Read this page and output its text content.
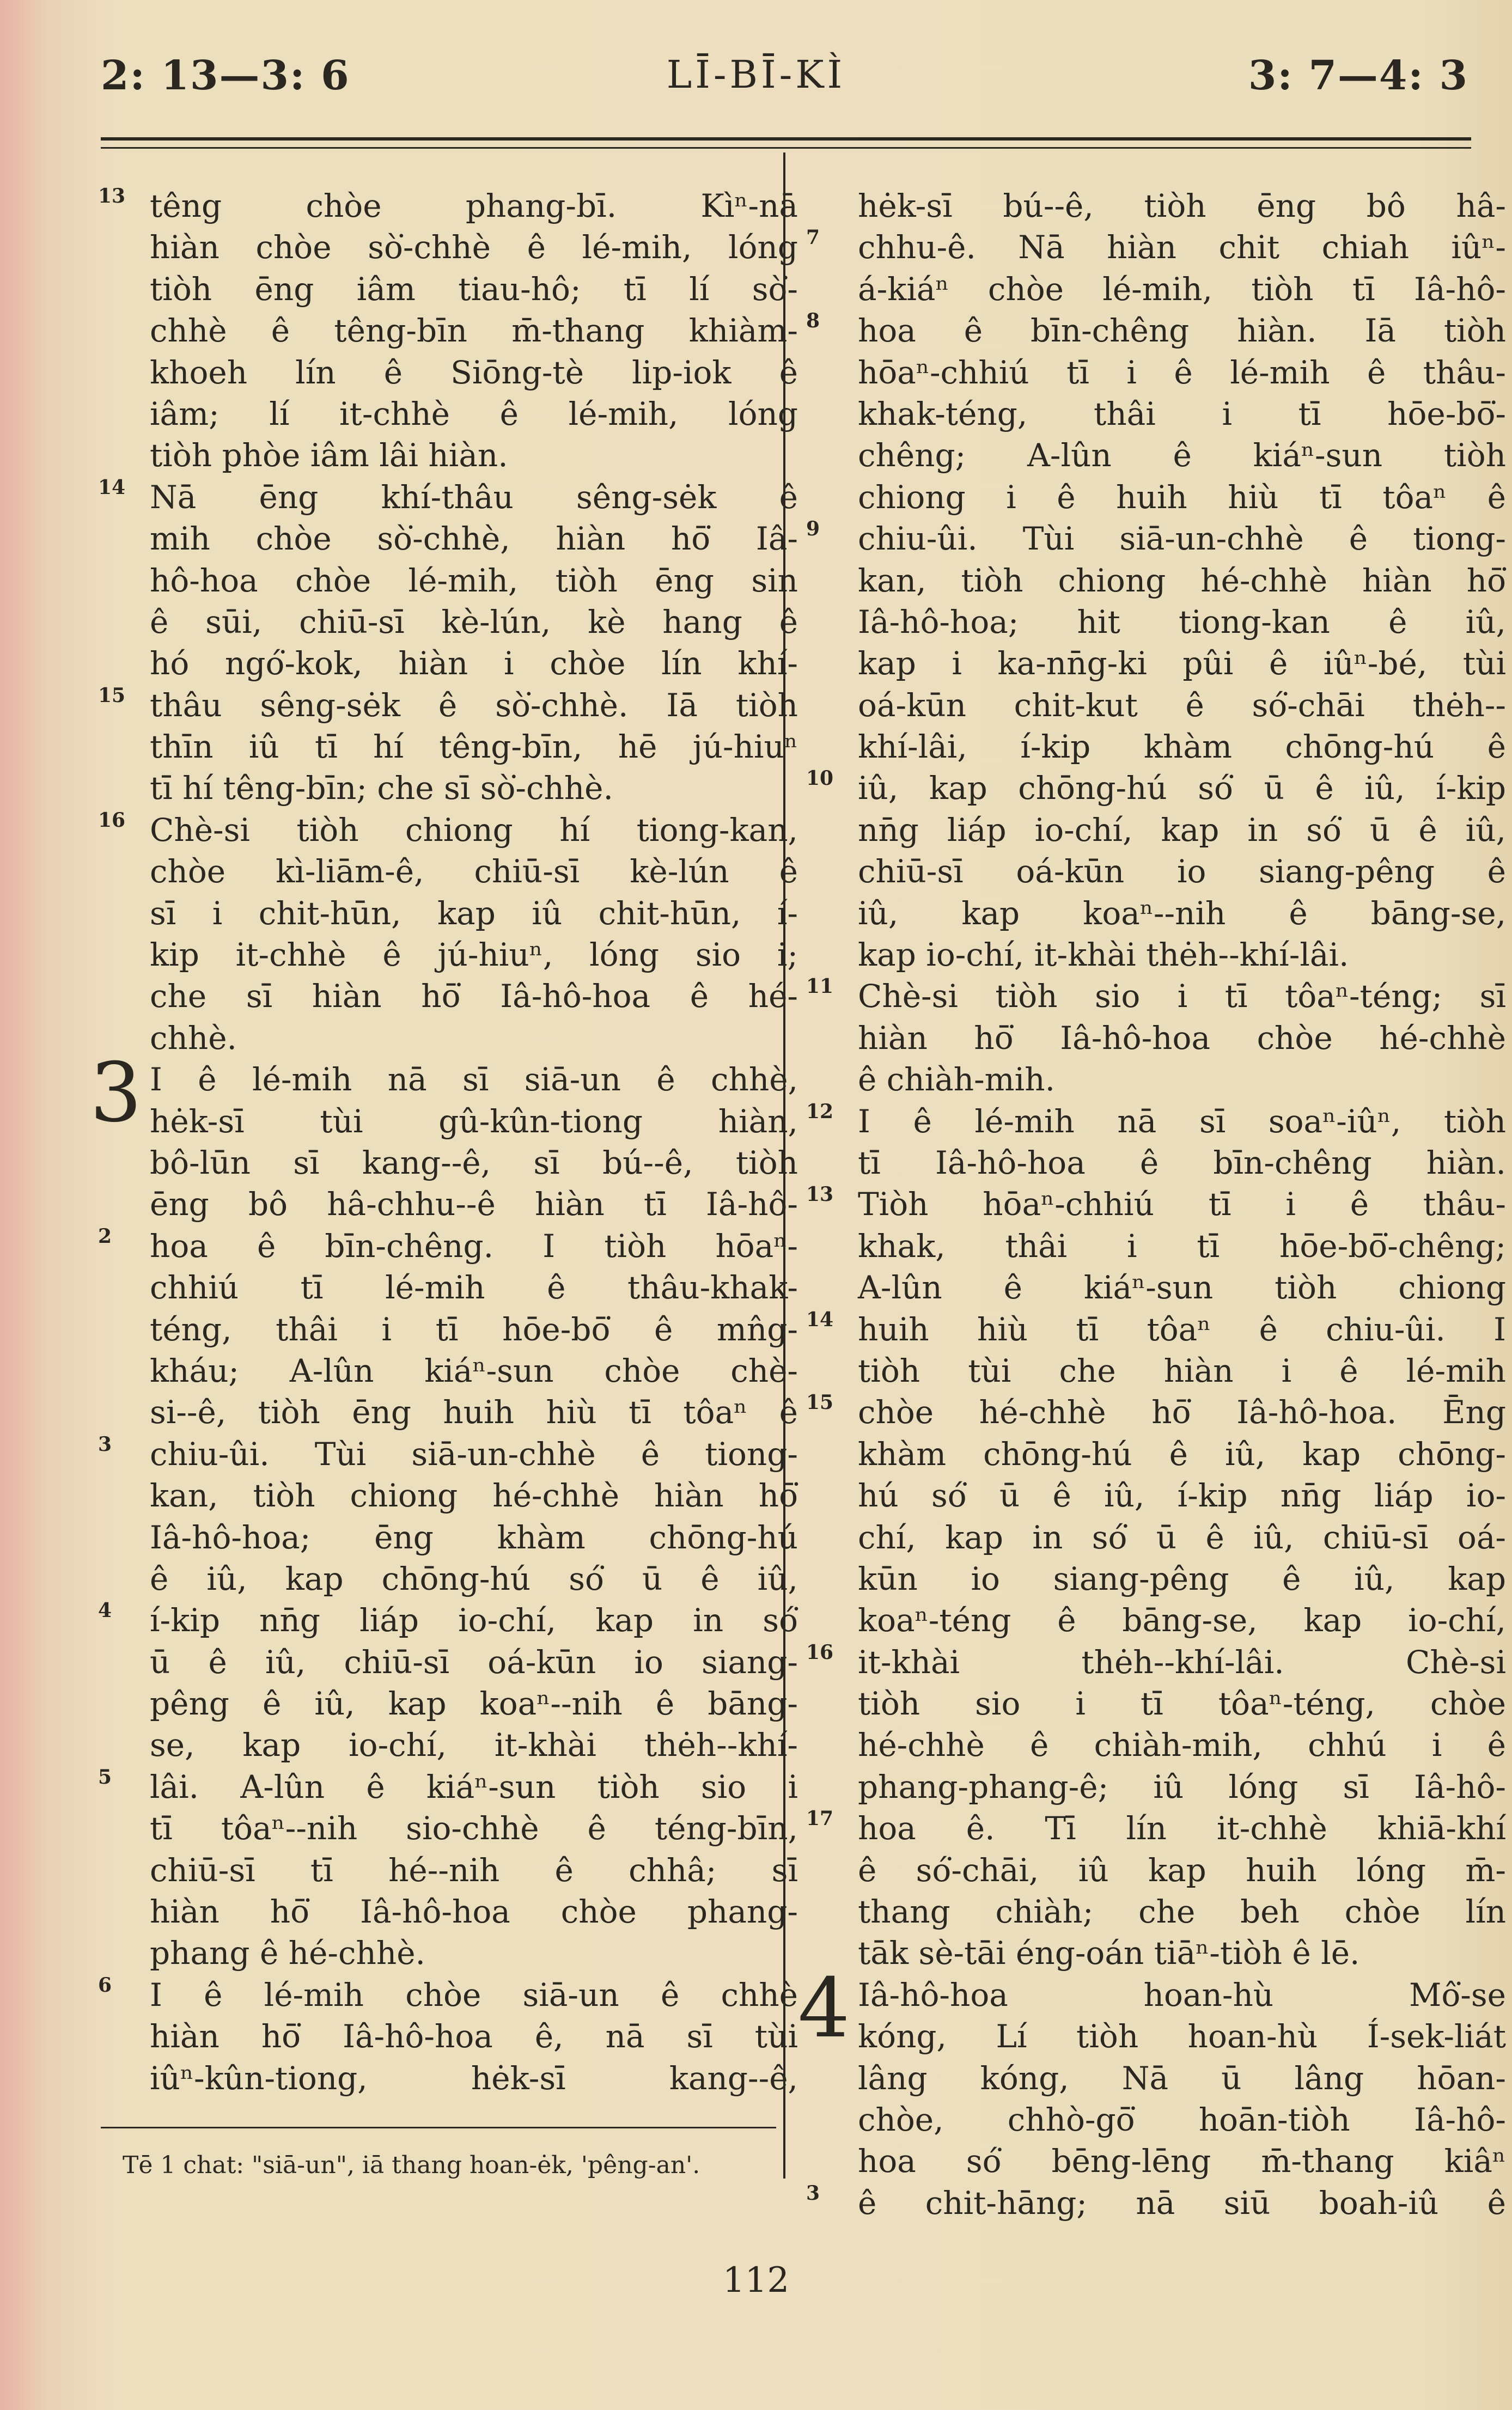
2: 13—3: 6	LĪ-BĪ-KÌ	3: 7—4: 3
13 têng chòe phang-bī. Kìⁿ-nā
hiàn chòe sò͘-chhè ê lé-mih, lóng
tiòh ēng iâm tiau-hô; tī lí sò͘-
chhè ê têng-bīn m̄-thang khiàm-
khoeh lín ê Siōng-tè lip-iok ê
iâm; lí it-chhè ê lé-mih, lóng
tiòh phòe iâm lâi hiàn.
14 Nā ēng khí-thâu sêng-sėk ê
mih chòe sò͘-chhè, hiàn hō͘ Iâ-
hô-hoa chòe lé-mih, tiòh ēng sin
ê sūi, chiū-sī kè-lún, kè hang ê
hó ngó͘-kok, hiàn i chòe lín khí-
15 thâu sêng-sėk ê sò͘-chhè. Iā tiòh
thīn iû tī hí têng-bīn, hē jú-hiuⁿ
tī hí têng-bīn; che sī sò͘-chhè.
16 Chè-si tiòh chiong hí tiong-kan,
chòe kì-liām-ê, chiū-sī kè-lún ê
sī i chit-hūn, kap iû chit-hūn, í-
kip it-chhè ê jú-hiuⁿ, lóng sio i;
che sī hiàn hō͘ Iâ-hô-hoa ê hé-
chhè.
3 I ê lé-mih nā sī siā-un ê chhè,
hėk-sī tùi gû-kûn-tiong hiàn,
bô-lūn sī kang--ê, sī bú--ê, tiòh
ēng bô hâ-chhu--ê hiàn tī Iâ-hô-
2 hoa ê bīn-chêng. I tiòh hōaⁿ-
chhiú tī lé-mih ê thâu-khak-
téng, thâi i tī hōe-bō͘ ê mn̂g-
kháu; A-lûn kiáⁿ-sun chòe chè-
si--ê, tiòh ēng huih hiù tī tôaⁿ ê
3 chiu-ûi. Tùi siā-un-chhè ê tiong-
kan, tiòh chiong hé-chhè hiàn hō͘
Iâ-hô-hoa; ēng khàm chōng-hú
ê iû, kap chōng-hú só͘ ū ê iû,
4 í-kip nn̄g liáp io-chí, kap in só͘
ū ê iû, chiū-sī oá-kūn io siang-
pêng ê iû, kap koaⁿ--nih ê bāng-
se, kap io-chí, it-khài thėh--khí-
5 lâi. A-lûn ê kiáⁿ-sun tiòh sio i
tī tôaⁿ--nih sio-chhè ê téng-bīn,
chiū-sī tī hé--nih ê chhâ; sī
hiàn hō͘ Iâ-hô-hoa chòe phang-
phang ê hé-chhè.
6 I ê lé-mih chòe siā-un ê chhè
hiàn hō͘ Iâ-hô-hoa ê, nā sī tùi
iûⁿ-kûn-tiong, hėk-sī kang--ê,
hėk-sī bú--ê, tiòh ēng bô hâ-
7 chhu-ê. Nā hiàn chit chiah iûⁿ-
á-kiáⁿ chòe lé-mih, tiòh tī Iâ-hô-
8 hoa ê bīn-chêng hiàn. Iā tiòh
hōaⁿ-chhiú tī i ê lé-mih ê thâu-
khak-téng, thâi i tī hōe-bō͘-
chêng; A-lûn ê kiáⁿ-sun tiòh
chiong i ê huih hiù tī tôaⁿ ê
9 chiu-ûi. Tùi siā-un-chhè ê tiong-
kan, tiòh chiong hé-chhè hiàn hō͘
Iâ-hô-hoa; hit tiong-kan ê iû,
kap i ka-nn̄g-ki pûi ê iûⁿ-bé, tùi
oá-kūn chit-kut ê só͘-chāi thėh--
khí-lâi, í-kip khàm chōng-hú ê
10 iû, kap chōng-hú só͘ ū ê iû, í-kip
nn̄g liáp io-chí, kap in só͘ ū ê iû,
chiū-sī oá-kūn io siang-pêng ê
iû, kap koaⁿ--nih ê bāng-se,
kap io-chí, it-khài thėh--khí-lâi.
11 Chè-si tiòh sio i tī tôaⁿ-téng; sī
hiàn hō͘ Iâ-hô-hoa chòe hé-chhè
ê chiàh-mih.
12 I ê lé-mih nā sī soaⁿ-iûⁿ, tiòh
tī Iâ-hô-hoa ê bīn-chêng hiàn.
13 Tiòh hōaⁿ-chhiú tī i ê thâu-
khak, thâi i tī hōe-bō͘-chêng;
A-lûn ê kiáⁿ-sun tiòh chiong
14 huih hiù tī tôaⁿ ê chiu-ûi. I
tiòh tùi che hiàn i ê lé-mih
15 chòe hé-chhè hō͘ Iâ-hô-hoa. Ēng
khàm chōng-hú ê iû, kap chōng-
hú só͘ ū ê iû, í-kip nn̄g liáp io-
chí, kap in só͘ ū ê iû, chiū-sī oá-
kūn io siang-pêng ê iû, kap
koaⁿ-téng ê bāng-se, kap io-chí,
16 it-khài thėh--khí-lâi. Chè-si
tiòh sio i tī tôaⁿ-téng, chòe
hé-chhè ê chiàh-mih, chhú i ê
phang-phang-ê; iû lóng sī Iâ-hô-
17 hoa ê. Tī lín it-chhè khiā-khí
ê só͘-chāi, iû kap huih lóng m̄-
thang chiàh; che beh chòe lín
tāk sè-tāi éng-oán tiāⁿ-tiòh ê lē.
4 Iâ-hô-hoa hoan-hù Mô͘-se
kóng, Lí tiòh hoan-hù Í-sek-liát
lâng kóng, Nā ū lâng hōan-
chòe, chhò-gō͘ hoān-tiòh Iâ-hô-
hoa só͘ bēng-lēng m̄-thang kiâⁿ
3 ê chit-hāng; nā siū boah-iû ê
Tē 1 chat: "siā-un", iā thang hoan-ėk, 'pêng-an'.
112
